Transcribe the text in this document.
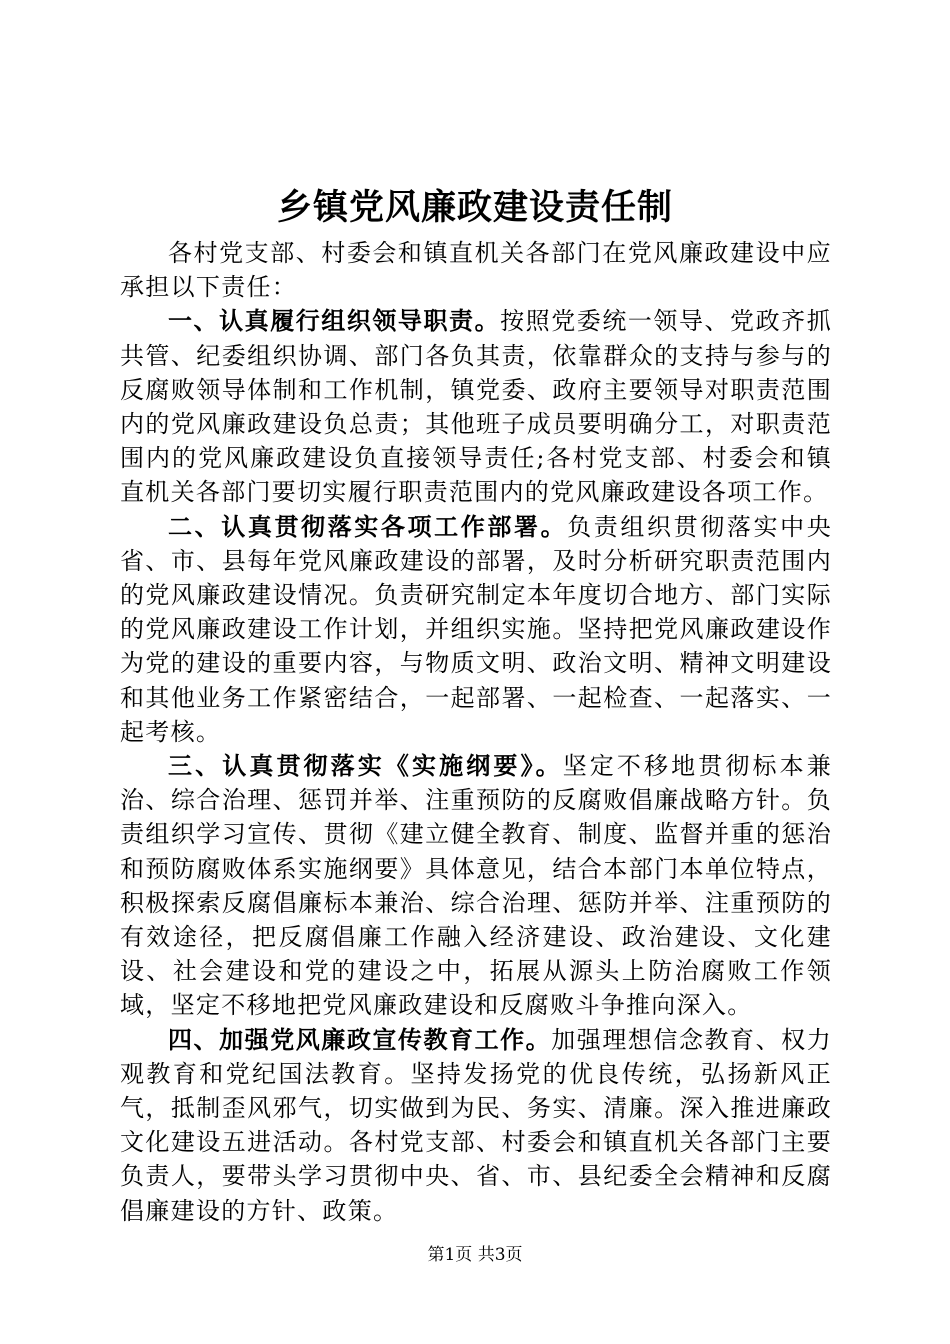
乡镇党风廉政建设责任制

各村党支部、村委会和镇直机关各部门在党风廉政建设中应承担以下责任：

一、认真履行组织领导职责。按照党委统一领导、党政齐抓共管、纪委组织协调、部门各负其责，依靠群众的支持与参与的反腐败领导体制和工作机制，镇党委、政府主要领导对职责范围内的党风廉政建设负总责；其他班子成员要明确分工，对职责范围内的党风廉政建设负直接领导责任;各村党支部、村委会和镇直机关各部门要切实履行职责范围内的党风廉政建设各项工作。

二、认真贯彻落实各项工作部署。负责组织贯彻落实中央省、市、县每年党风廉政建设的部署，及时分析研究职责范围内的党风廉政建设情况。负责研究制定本年度切合地方、部门实际的党风廉政建设工作计划，并组织实施。坚持把党风廉政建设作为党的建设的重要内容，与物质文明、政治文明、精神文明建设和其他业务工作紧密结合，一起部署、一起检查、一起落实、一起考核。

三、认真贯彻落实《实施纲要》。坚定不移地贯彻标本兼治、综合治理、惩罚并举、注重预防的反腐败倡廉战略方针。负责组织学习宣传、贯彻《建立健全教育、制度、监督并重的惩治和预防腐败体系实施纲要》具体意见，结合本部门本单位特点，积极探索反腐倡廉标本兼治、综合治理、惩防并举、注重预防的有效途径，把反腐倡廉工作融入经济建设、政治建设、文化建设、社会建设和党的建设之中，拓展从源头上防治腐败工作领域，坚定不移地把党风廉政建设和反腐败斗争推向深入。

四、加强党风廉政宣传教育工作。加强理想信念教育、权力观教育和党纪国法教育。坚持发扬党的优良传统，弘扬新风正气，抵制歪风邪气，切实做到为民、务实、清廉。深入推进廉政文化建设五进活动。各村党支部、村委会和镇直机关各部门主要负责人，要带头学习贯彻中央、省、市、县纪委全会精神和反腐倡廉建设的方针、政策。

第1页 共3页
